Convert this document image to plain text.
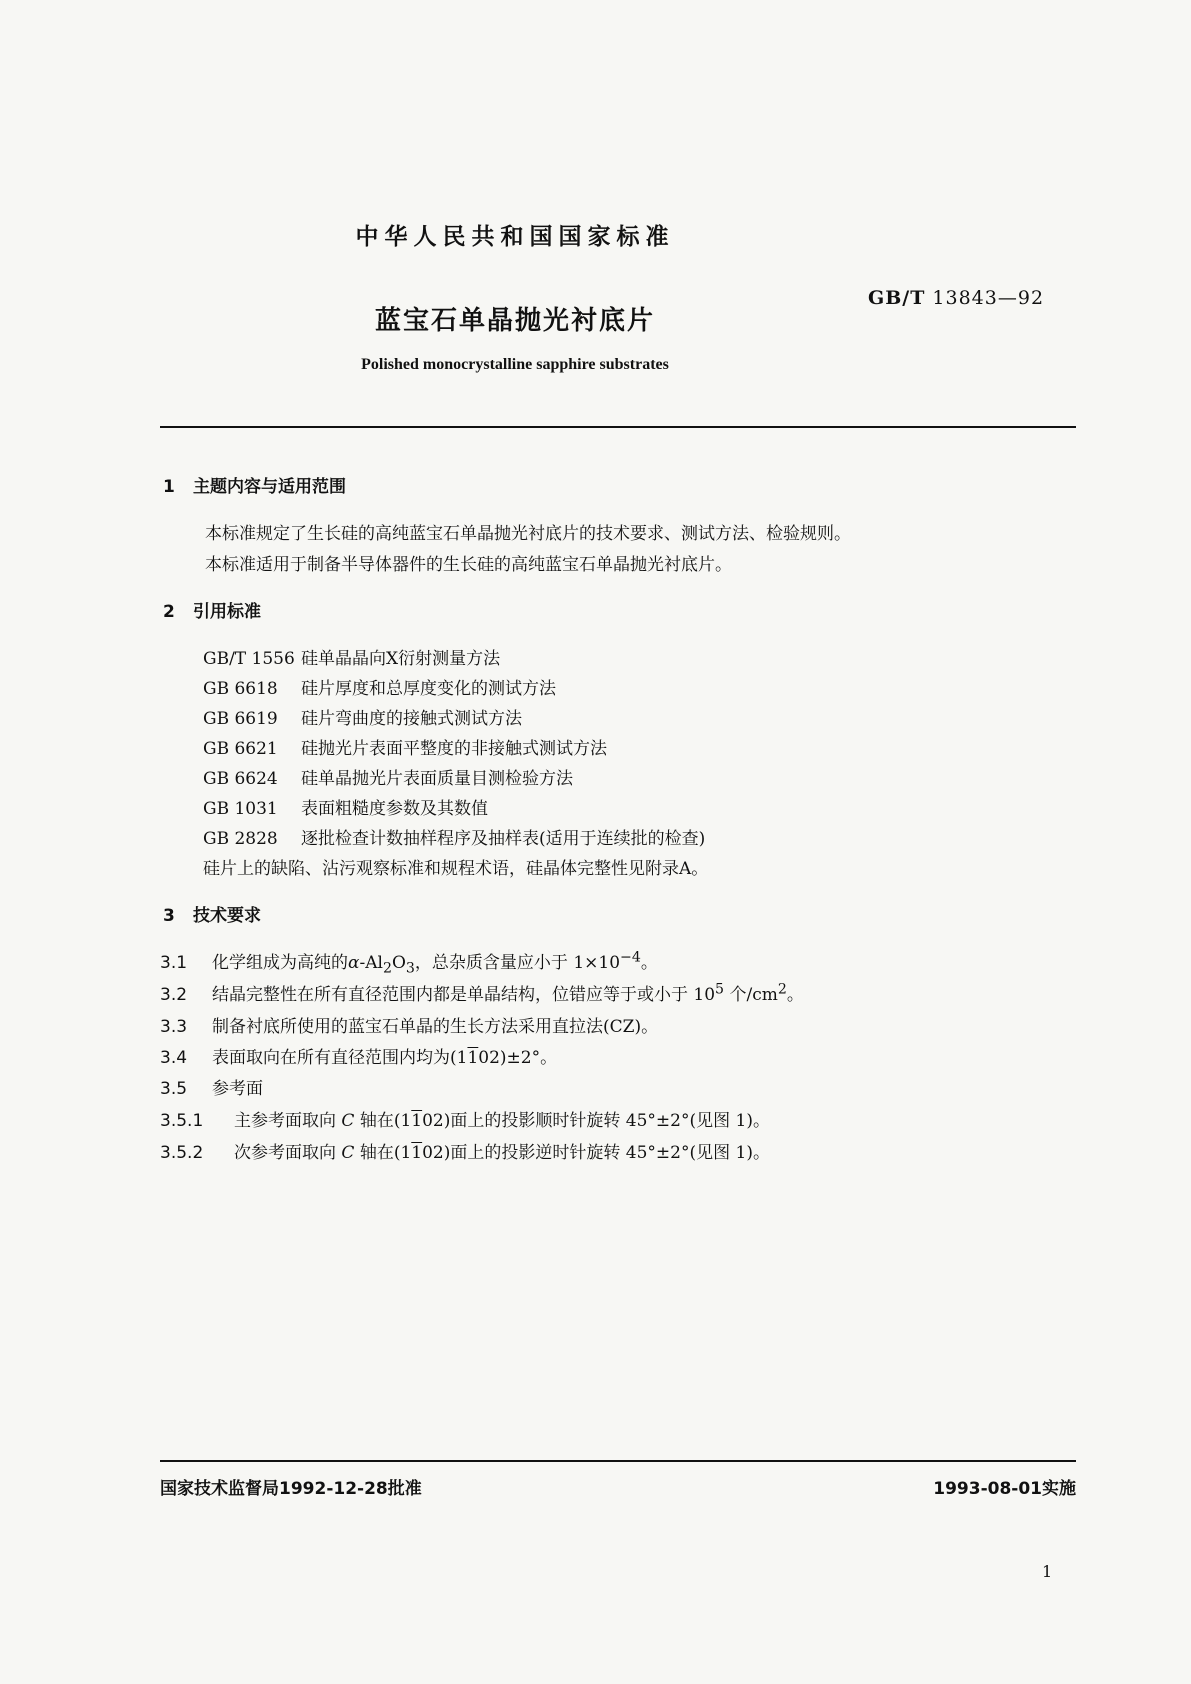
中华人民共和国国家标准
GB/T 13843—92
蓝宝石单晶抛光衬底片
Polished monocrystalline sapphire substrates
1 主题内容与适用范围
本标准规定了生长硅的高纯蓝宝石单晶抛光衬底片的技术要求、测试方法、检验规则。
本标准适用于制备半导体器件的生长硅的高纯蓝宝石单晶抛光衬底片。
2 引用标准
GB/T 1556 硅单晶晶向X衍射测量方法
GB 6618 硅片厚度和总厚度变化的测试方法
GB 6619 硅片弯曲度的接触式测试方法
GB 6621 硅抛光片表面平整度的非接触式测试方法
GB 6624 硅单晶抛光片表面质量目测检验方法
GB 1031 表面粗糙度参数及其数值
GB 2828 逐批检查计数抽样程序及抽样表(适用于连续批的检查)
硅片上的缺陷、沾污观察标准和规程术语，硅晶体完整性见附录A。
3 技术要求
3.1 化学组成为高纯的$\alpha-Al_2O_3$，总杂质含量应小于 $1\times 10^{-4}$。
3.2 结晶完整性在所有直径范围内都是单晶结构，位错应等于或小于 $10^5$ 个$/cm^2$。
3.3 制备衬底所使用的蓝宝石单晶的生长方法采用直拉法(CZ)。
3.4 表面取向在所有直径范围内均为(1102)±2°。
3.5 参考面
3.5.1 主参考面取向 C 轴在(1102)面上的投影顺时针旋转 45°±2°(见图 1)。
3.5.2 次参考面取向 C 轴在(1102)面上的投影逆时针旋转 45°±2°(见图 1)。
国家技术监督局1992-12-28批准	1993-08-01实施
1
